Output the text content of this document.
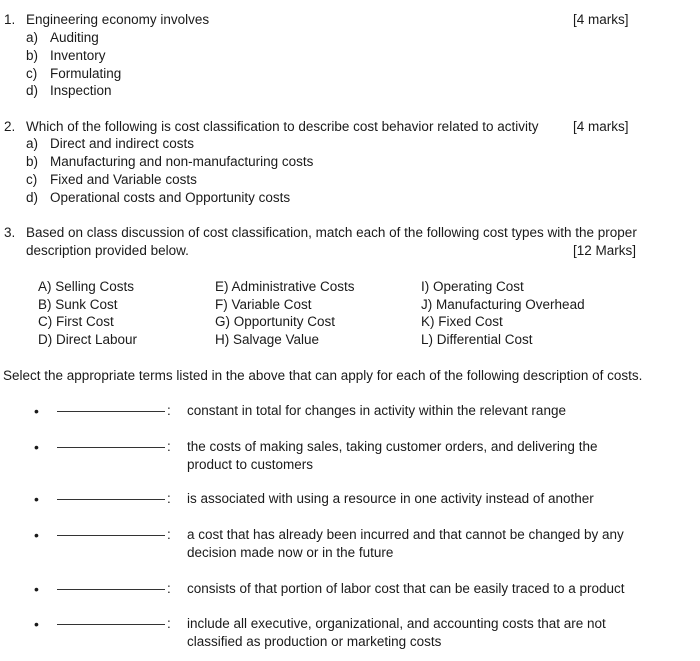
1. Engineering economy involves	[4 marks]
a) Auditing
b) Inventory
c) Formulating
d) Inspection
2. Which of the following is cost classification to describe cost behavior related to activity	[4 marks]
a) Direct and indirect costs
b) Manufacturing and non-manufacturing costs
c) Fixed and Variable costs
d) Operational costs and Opportunity costs
3. Based on class discussion of cost classification, match each of the following cost types with the proper
description provided below.	[12 Marks]
A) Selling Costs	E) Administrative Costs	I) Operating Cost
B) Sunk Cost	F) Variable Cost	J) Manufacturing Overhead
C) First Cost	G) Opportunity Cost	K) Fixed Cost
D) Direct Labour	H) Salvage Value	L) Differential Cost
Select the appropriate terms listed in the above that can apply for each of the following description of costs.
•	: constant in total for changes in activity within the relevant range
•	: the costs of making sales, taking customer orders, and delivering the product to customers
•	: is associated with using a resource in one activity instead of another
•	: a cost that has already been incurred and that cannot be changed by any decision made now or in the future
•	: consists of that portion of labor cost that can be easily traced to a product
•	: include all executive, organizational, and accounting costs that are not classified as production or marketing costs
